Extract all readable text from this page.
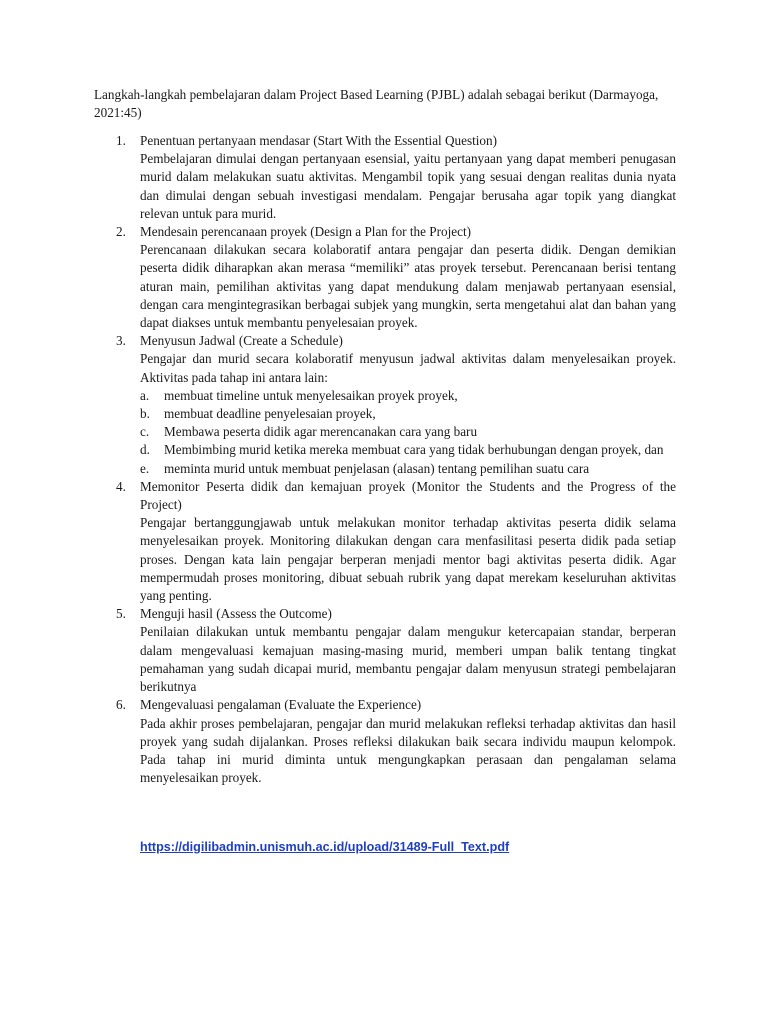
Langkah-langkah pembelajaran dalam Project Based Learning (PJBL) adalah sebagai berikut (Darmayoga, 2021:45)

1. Penentuan pertanyaan mendasar (Start With the Essential Question)
Pembelajaran dimulai dengan pertanyaan esensial, yaitu pertanyaan yang dapat memberi penugasan murid dalam melakukan suatu aktivitas. Mengambil topik yang sesuai dengan realitas dunia nyata dan dimulai dengan sebuah investigasi mendalam. Pengajar berusaha agar topik yang diangkat relevan untuk para murid.
2. Mendesain perencanaan proyek (Design a Plan for the Project)
Perencanaan dilakukan secara kolaboratif antara pengajar dan peserta didik. Dengan demikian peserta didik diharapkan akan merasa “memiliki” atas proyek tersebut. Perencanaan berisi tentang aturan main, pemilihan aktivitas yang dapat mendukung dalam menjawab pertanyaan esensial, dengan cara mengintegrasikan berbagai subjek yang mungkin, serta mengetahui alat dan bahan yang dapat diakses untuk membantu penyelesaian proyek.
3. Menyusun Jadwal (Create a Schedule)
Pengajar dan murid secara kolaboratif menyusun jadwal aktivitas dalam menyelesaikan proyek. Aktivitas pada tahap ini antara lain:
a. membuat timeline untuk menyelesaikan proyek proyek,
b. membuat deadline penyelesaian proyek,
c. Membawa peserta didik agar merencanakan cara yang baru
d. Membimbing murid ketika mereka membuat cara yang tidak berhubungan dengan proyek, dan
e. meminta murid untuk membuat penjelasan (alasan) tentang pemilihan suatu cara
4. Memonitor Peserta didik dan kemajuan proyek (Monitor the Students and the Progress of the Project)
Pengajar bertanggungjawab untuk melakukan monitor terhadap aktivitas peserta didik selama menyelesaikan proyek. Monitoring dilakukan dengan cara menfasilitasi peserta didik pada setiap proses. Dengan kata lain pengajar berperan menjadi mentor bagi aktivitas peserta didik. Agar mempermudah proses monitoring, dibuat sebuah rubrik yang dapat merekam keseluruhan aktivitas yang penting.
5. Menguji hasil (Assess the Outcome)
Penilaian dilakukan untuk membantu pengajar dalam mengukur ketercapaian standar, berperan dalam mengevaluasi kemajuan masing-masing murid, memberi umpan balik tentang tingkat pemahaman yang sudah dicapai murid, membantu pengajar dalam menyusun strategi pembelajaran berikutnya
6. Mengevaluasi pengalaman (Evaluate the Experience)
Pada akhir proses pembelajaran, pengajar dan murid melakukan refleksi terhadap aktivitas dan hasil proyek yang sudah dijalankan. Proses refleksi dilakukan baik secara individu maupun kelompok. Pada tahap ini murid diminta untuk mengungkapkan perasaan dan pengalaman selama menyelesaikan proyek.
https://digilibadmin.unismuh.ac.id/upload/31489-Full_Text.pdf
